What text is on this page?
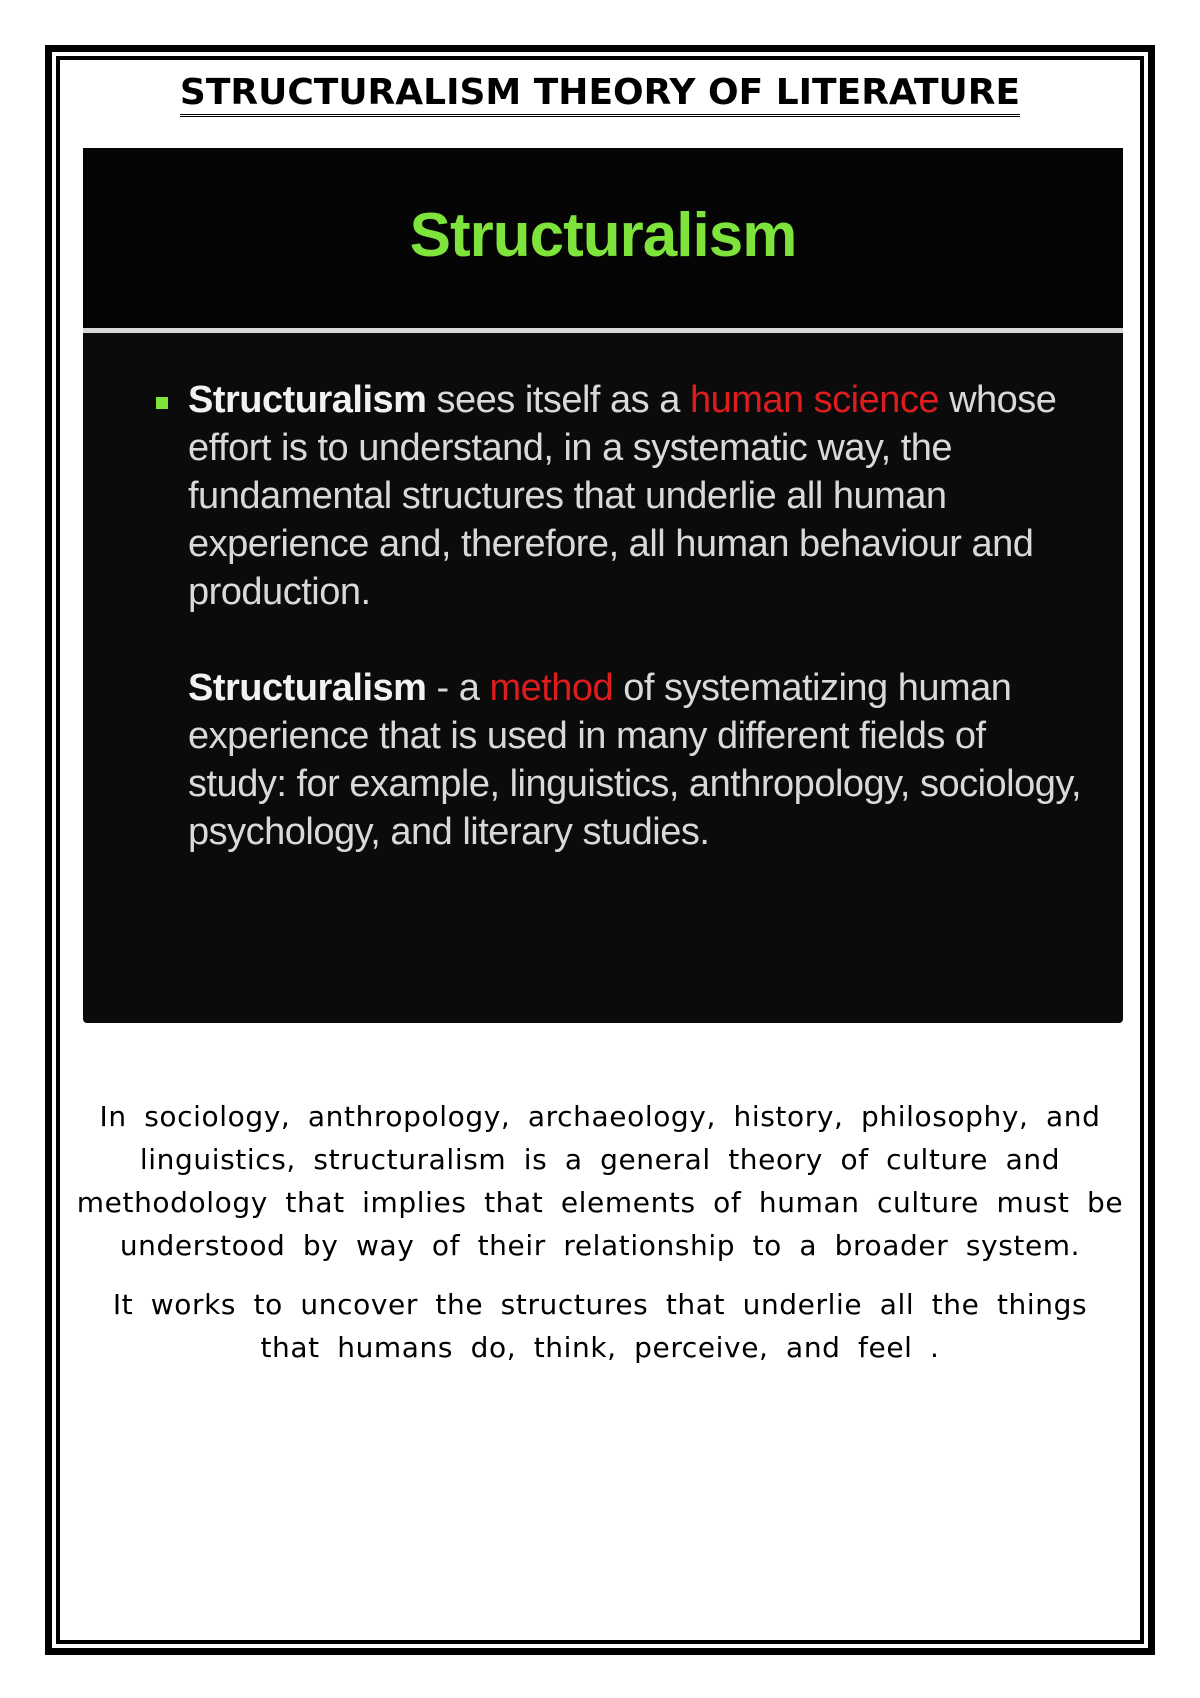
STRUCTURALISM THEORY OF LITERATURE
Structuralism

Structuralism sees itself as a human science whose effort is to understand, in a systematic way, the fundamental structures that underlie all human experience and, therefore, all human behaviour and production.

Structuralism - a method of systematizing human experience that is used in many different fields of study: for example, linguistics, anthropology, sociology, psychology, and literary studies.

In sociology, anthropology, archaeology, history, philosophy, and linguistics, structuralism is a general theory of culture and methodology that implies that elements of human culture must be understood by way of their relationship to a broader system.

It works to uncover the structures that underlie all the things that humans do, think, perceive, and feel .
